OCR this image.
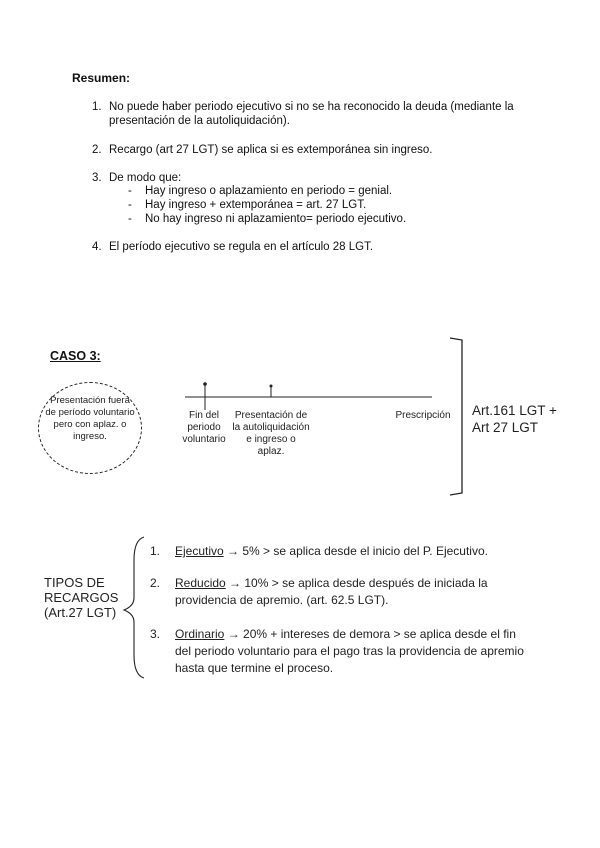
Resumen:
1. No puede haber periodo ejecutivo si no se ha reconocido la deuda (mediante la presentación de la autoliquidación).
2. Recargo (art 27 LGT) se aplica si es extemporánea sin ingreso.
3. De modo que:
- Hay ingreso o aplazamiento en periodo = genial.
- Hay ingreso + extemporánea = art. 27 LGT.
- No hay ingreso ni aplazamiento= periodo ejecutivo.
4. El período ejecutivo se regula en el artículo 28 LGT.
CASO 3:
Presentación fuera de período voluntario pero con aplaz. o ingreso.
Fin del periodo voluntario
Presentación de la autoliquidación e ingreso o aplaz.
Prescripción	Art.161 LGT +
Art 27 LGT
TIPOS DE
RECARGOS
(Art.27 LGT)
1. Ejecutivo → 5% > se aplica desde el inicio del P. Ejecutivo.
2. Reducido → 10% > se aplica desde después de iniciada la providencia de apremio. (art. 62.5 LGT).
3. Ordinario → 20% + intereses de demora > se aplica desde el fin del periodo voluntario para el pago tras la providencia de apremio hasta que termine el proceso.
